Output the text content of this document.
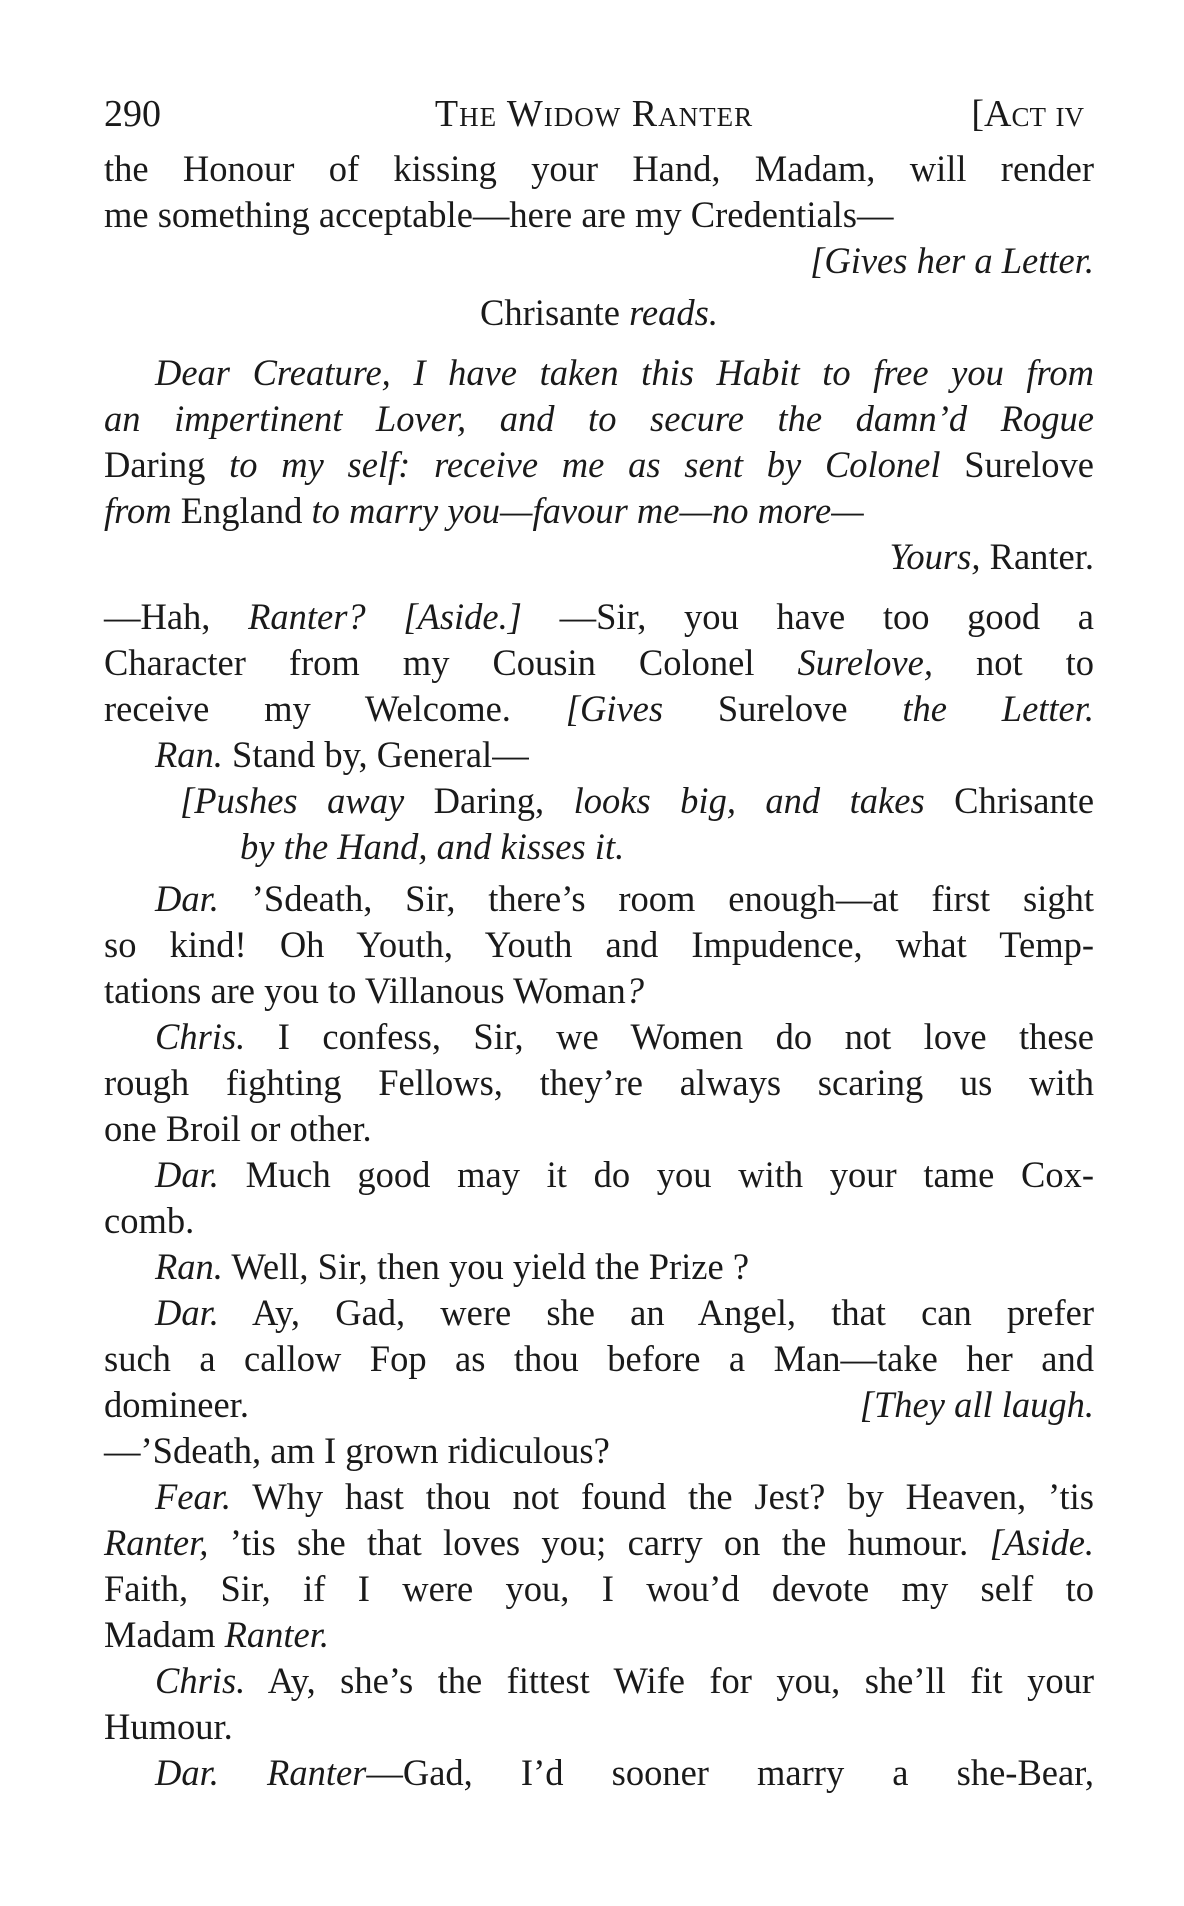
290	The Widow Ranter	[Act iv
the Honour of kissing your Hand, Madam, will render
me something acceptable—here are my Credentials—
[Gives her a Letter.
Chrisante reads.
Dear Creature, I have taken this Habit to free you from
an impertinent Lover, and to secure the damn’d Rogue
Daring to my self: receive me as sent by Colonel Surelove
from England to marry you—favour me—no more—
Yours, Ranter.
—Hah, Ranter? [Aside.] —Sir, you have too good a
Character from my Cousin Colonel Surelove, not to
receive my Welcome. [Gives Surelove the Letter.
Ran. Stand by, General—
[Pushes away Daring, looks big, and takes Chrisante
by the Hand, and kisses it.
Dar. ’Sdeath, Sir, there’s room enough—at first sight
so kind! Oh Youth, Youth and Impudence, what Temp-
tations are you to Villanous Woman?
Chris. I confess, Sir, we Women do not love these
rough fighting Fellows, they’re always scaring us with
one Broil or other.
Dar. Much good may it do you with your tame Cox-
comb.
Ran. Well, Sir, then you yield the Prize ?
Dar. Ay, Gad, were she an Angel, that can prefer
such a callow Fop as thou before a Man—take her and
domineer.	[They all laugh.
—’Sdeath, am I grown ridiculous?
Fear. Why hast thou not found the Jest? by Heaven, ’tis
Ranter, ’tis she that loves you; carry on the humour. [Aside.
Faith, Sir, if I were you, I wou’d devote my self to
Madam Ranter.
Chris. Ay, she’s the fittest Wife for you, she’ll fit your
Humour.
Dar. Ranter—Gad, I’d sooner marry a she-Bear,
